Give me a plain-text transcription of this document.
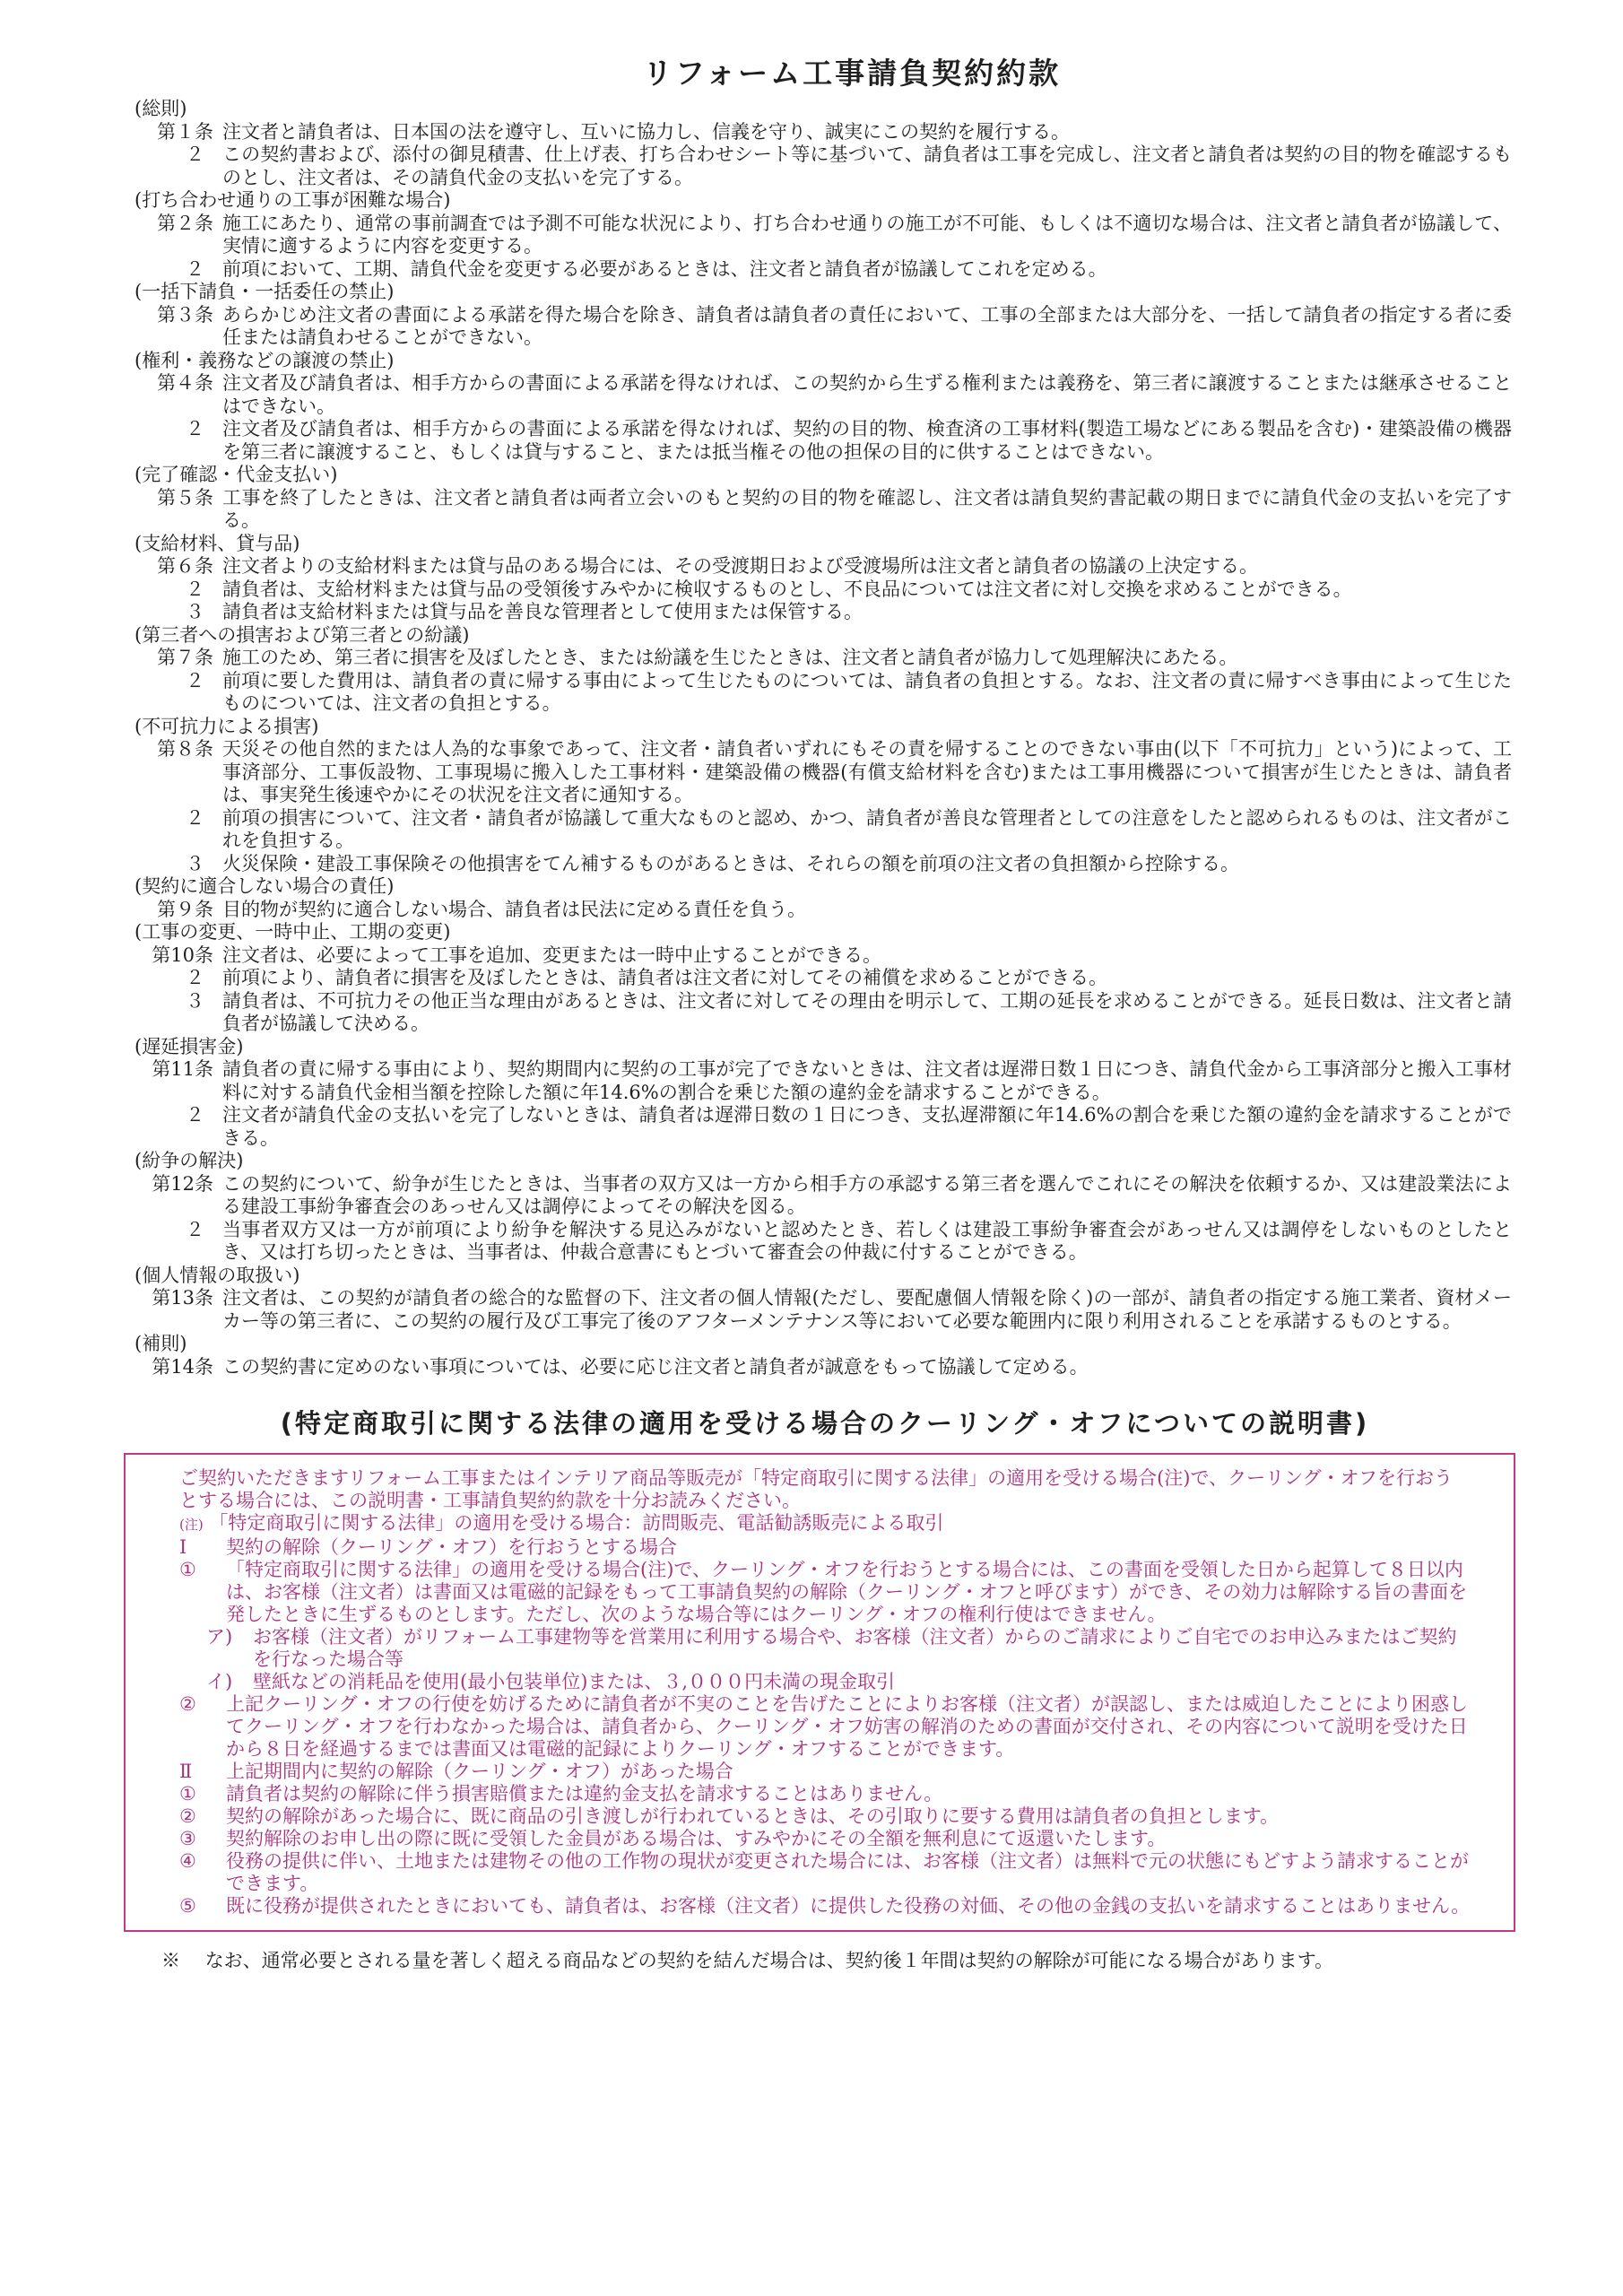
リフォーム工事請負契約約款
(総則)
第１条 注文者と請負者は、日本国の法を遵守し、互いに協力し、信義を守り、誠実にこの契約を履行する。
２ この契約書および、添付の御見積書、仕上げ表、打ち合わせシート等に基づいて、請負者は工事を完成し、注文者と請負者は契約の目的物を確認するものとし、注文者は、その請負代金の支払いを完了する。
(打ち合わせ通りの工事が困難な場合)
第２条 施工にあたり、通常の事前調査では予測不可能な状況により、打ち合わせ通りの施工が不可能、もしくは不適切な場合は、注文者と請負者が協議して、実情に適するように内容を変更する。
２ 前項において、工期、請負代金を変更する必要があるときは、注文者と請負者が協議してこれを定める。
(一括下請負・一括委任の禁止)
第３条 あらかじめ注文者の書面による承諾を得た場合を除き、請負者は請負者の責任において、工事の全部または大部分を、一括して請負者の指定する者に委任または請負わせることができない。
(権利・義務などの譲渡の禁止)
第４条 注文者及び請負者は、相手方からの書面による承諾を得なければ、この契約から生ずる権利または義務を、第三者に譲渡することまたは継承させることはできない。
２ 注文者及び請負者は、相手方からの書面による承諾を得なければ、契約の目的物、検査済の工事材料(製造工場などにある製品を含む)・建築設備の機器を第三者に譲渡すること、もしくは貸与すること、または抵当権その他の担保の目的に供することはできない。
(完了確認・代金支払い)
第５条 工事を終了したときは、注文者と請負者は両者立会いのもと契約の目的物を確認し、注文者は請負契約書記載の期日までに請負代金の支払いを完了する。
(支給材料、貸与品)
第６条 注文者よりの支給材料または貸与品のある場合には、その受渡期日および受渡場所は注文者と請負者の協議の上決定する。
２ 請負者は、支給材料または貸与品の受領後すみやかに検収するものとし、不良品については注文者に対し交換を求めることができる。
３ 請負者は支給材料または貸与品を善良な管理者として使用または保管する。
(第三者への損害および第三者との紛議)
第７条 施工のため、第三者に損害を及ぼしたとき、または紛議を生じたときは、注文者と請負者が協力して処理解決にあたる。
２ 前項に要した費用は、請負者の責に帰する事由によって生じたものについては、請負者の負担とする。なお、注文者の責に帰すべき事由によって生じたものについては、注文者の負担とする。
(不可抗力による損害)
第８条 天災その他自然的または人為的な事象であって、注文者・請負者いずれにもその責を帰することのできない事由(以下「不可抗力」という)によって、工事済部分、工事仮設物、工事現場に搬入した工事材料・建築設備の機器(有償支給材料を含む)または工事用機器について損害が生じたときは、請負者は、事実発生後速やかにその状況を注文者に通知する。
２ 前項の損害について、注文者・請負者が協議して重大なものと認め、かつ、請負者が善良な管理者としての注意をしたと認められるものは、注文者がこれを負担する。
３ 火災保険・建設工事保険その他損害をてん補するものがあるときは、それらの額を前項の注文者の負担額から控除する。
(契約に適合しない場合の責任)
第９条 目的物が契約に適合しない場合、請負者は民法に定める責任を負う。
(工事の変更、一時中止、工期の変更)
第10条 注文者は、必要によって工事を追加、変更または一時中止することができる。
２ 前項により、請負者に損害を及ぼしたときは、請負者は注文者に対してその補償を求めることができる。
３ 請負者は、不可抗力その他正当な理由があるときは、注文者に対してその理由を明示して、工期の延長を求めることができる。延長日数は、注文者と請負者が協議して決める。
(遅延損害金)
第11条 請負者の責に帰する事由により、契約期間内に契約の工事が完了できないときは、注文者は遅滞日数１日につき、請負代金から工事済部分と搬入工事材料に対する請負代金相当額を控除した額に年14.6%の割合を乗じた額の違約金を請求することができる。
２ 注文者が請負代金の支払いを完了しないときは、請負者は遅滞日数の１日につき、支払遅滞額に年14.6%の割合を乗じた額の違約金を請求することができる。
(紛争の解決)
第12条 この契約について、紛争が生じたときは、当事者の双方又は一方から相手方の承認する第三者を選んでこれにその解決を依頼するか、又は建設業法による建設工事紛争審査会のあっせん又は調停によってその解決を図る。
２ 当事者双方又は一方が前項により紛争を解決する見込みがないと認めたとき、若しくは建設工事紛争審査会があっせん又は調停をしないものとしたとき、又は打ち切ったときは、当事者は、仲裁合意書にもとづいて審査会の仲裁に付することができる。
(個人情報の取扱い)
第13条 注文者は、この契約が請負者の総合的な監督の下、注文者の個人情報(ただし、要配慮個人情報を除く)の一部が、請負者の指定する施工業者、資材メーカー等の第三者に、この契約の履行及び工事完了後のアフターメンテナンス等において必要な範囲内に限り利用されることを承諾するものとする。
(補則)
第14条 この契約書に定めのない事項については、必要に応じ注文者と請負者が誠意をもって協議して定める。
(特定商取引に関する法律の適用を受ける場合のクーリング・オフについての説明書)
ご契約いただきますリフォーム工事またはインテリア商品等販売が「特定商取引に関する法律」の適用を受ける場合(注)で、クーリング・オフを行おうとする場合には、この説明書・工事請負契約約款を十分お読みください。
(注) 「特定商取引に関する法律」の適用を受ける場合：訪問販売、電話勧誘販売による取引
Ⅰ	契約の解除（クーリング・オフ）を行おうとする場合
①	「特定商取引に関する法律」の適用を受ける場合(注)で、クーリング・オフを行おうとする場合には、この書面を受領した日から起算して８日以内は、お客様（注文者）は書面又は電磁的記録をもって工事請負契約の解除（クーリング・オフと呼びます）ができ、その効力は解除する旨の書面を発したときに生ずるものとします。ただし、次のような場合等にはクーリング・オフの権利行使はできません。
ア)	お客様（注文者）がリフォーム工事建物等を営業用に利用する場合や、お客様（注文者）からのご請求によりご自宅でのお申込みまたはご契約を行なった場合等
イ)	壁紙などの消耗品を使用(最小包装単位)または、３,０００円未満の現金取引
②	上記クーリング・オフの行使を妨げるために請負者が不実のことを告げたことによりお客様（注文者）が誤認し、または威迫したことにより困惑してクーリング・オフを行わなかった場合は、請負者から、クーリング・オフ妨害の解消のための書面が交付され、その内容について説明を受けた日から８日を経過するまでは書面又は電磁的記録によりクーリング・オフすることができます。
Ⅱ	上記期間内に契約の解除（クーリング・オフ）があった場合
①	請負者は契約の解除に伴う損害賠償または違約金支払を請求することはありません。
②	契約の解除があった場合に、既に商品の引き渡しが行われているときは、その引取りに要する費用は請負者の負担とします。
③	契約解除のお申し出の際に既に受領した金員がある場合は、すみやかにその全額を無利息にて返還いたします。
④	役務の提供に伴い、土地または建物その他の工作物の現状が変更された場合には、お客様（注文者）は無料で元の状態にもどすよう請求することができます。
⑤	既に役務が提供されたときにおいても、請負者は、お客様（注文者）に提供した役務の対価、その他の金銭の支払いを請求することはありません。
※　 なお、通常必要とされる量を著しく超える商品などの契約を結んだ場合は、契約後１年間は契約の解除が可能になる場合があります。
